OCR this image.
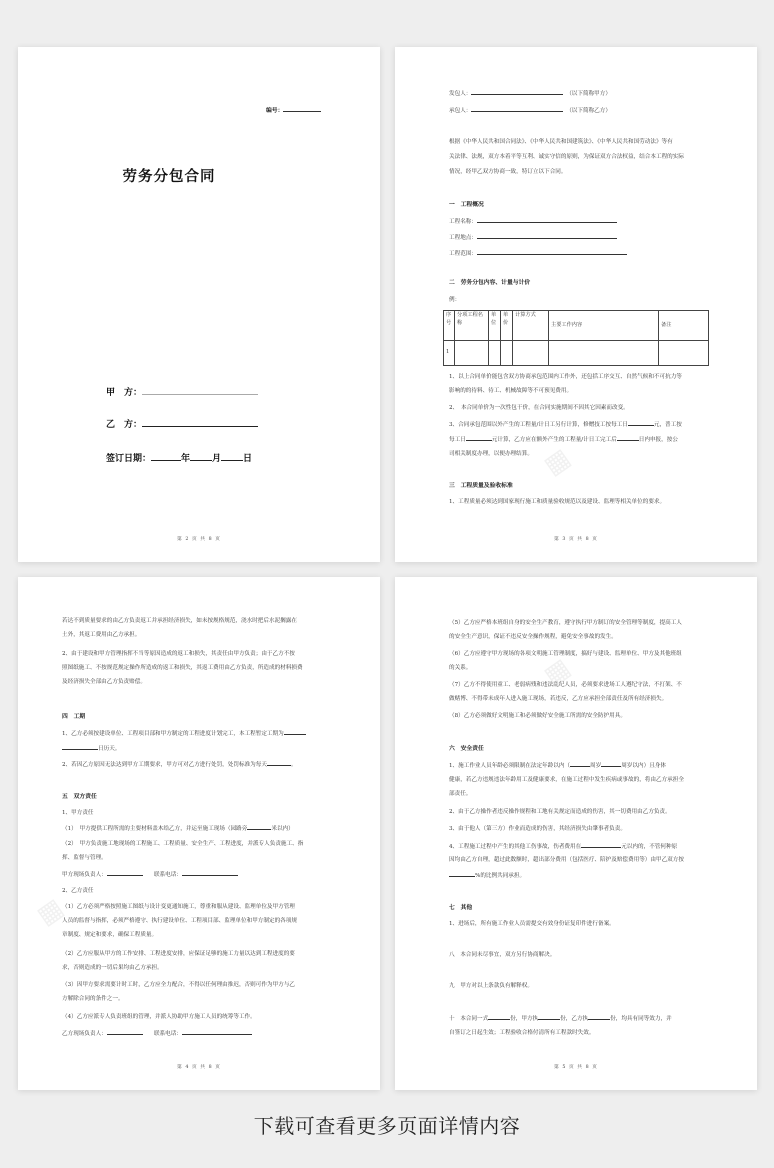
编号：
劳务分包合同
甲　方：
乙　方：
签订日期：	年 月 日
第 2 页 共 8 页
发包人：　	（以下简称甲方）
承包人：　	（以下简称乙方）
根据《中华人民共和国合同法》、《中华人民共和国建筑法》、《中华人民共和国劳动法》等有
关法律、法规，双方本着平等互利、诚实守信的原则，为保证双方合法权益，结合本工程的实际
情况，经甲乙双方协商一致，特订立以下合同。
一　工程概况
工程名称：
工程地点：
工程范围：
二　劳务分包内容、计量与计价
例：
序号	分项工程名称	单位	单价	计算方式	主要工作内容	备注
1						
1、以上合同单价能包含双方协商承包范围内工作外，还包括工序交互、自然气候和不可抗力等
影响的的待料、待工、机械故障等不可预见费用。
2、　本合同单价为一次性包干价，在合同实施期间不因其它因素而改变。
3、合同承包范围以外产生的工程量/计日工另行计算，修赠技工按每工日	元，普工按
每工日	元计算，乙方应在额外产生的工程量/计日工完工后	日内申报，按公
司相关制度办理，以便办理结算。
三　工程质量及验收标准
1、工程质量必须达到国家现行施工和质量验收规范以及建设、监理等相关单位的要求。
▦
第 3 页 共 8 页
若达不到质量要求的由乙方负责返工并承担经济损失，如未按规格规范，浇水时把后水泥搁露在
土外，其返工费用由乙方承担。
2、由于建设和甲方管理指挥不当等原因造成的返工和损失，其责任由甲方负责；由于乙方不按
照图纸施工、不按规范规定操作所造成的返工和损失，其返工费用由乙方负责，所造成的材料损费
及经济损失全部由乙方负责赔偿。
四　工期
1、乙方必须按建设单位、工程项目部和甲方制定的工程进度计划完工，本工程暂定工期为
日历天。
2、若因乙方原因无法达到甲方工期要求，甲方可对乙方进行处罚，处罚标准为每天	。
五　双方责任
1、甲方责任
（1）　甲方提供工程所需的主要材料盖木给乙方，并运至施工现场（园路旁	米以内）
（2）　甲方负责施工地现场的工程施工、工程质量、安全生产、工程进度，并派专人负责施工、指
挥、监督与管理。
甲方现场负责人：　　	联系电话：
2、乙方责任
（1）乙方必须严格按照施工图纸与设计变更通知施工，尊重和服从建设、监理单位及甲方管理
人员的监督与指挥，必须严格遵守、执行建设单位、工程项目部、监理单位和甲方制定的各项规
章制度、规定和要求，确保工程质量。
（2）乙方应服从甲方的工作安排、工程进度安排，应保证足够的施工力量以达到工程进度的要
求，否则造成的一切后果均由乙方承担。
（3）因甲方要求需要计时工时，乙方应全力配合，不得以任何理由推迟，否则可作为甲方与乙
方解除合同的条件之一。
（4）乙方应派专人负责班组的管理，并派人协助甲方施工人员的统筹等工作。
乙方现场负责人：　　	联系电话：
▦
第 4 页 共 8 页
（5）乙方应严格本班组自身的安全生产教育，遵守执行甲方制订的安全管理等制度，提高工人
的安全生产意识，保证不违反安全操作规程，避免安全事故的发生。
（6）乙方应遵守甲方现场的各项文明施工管理制度，搞好与建设、监理单位、甲方及其他班组
的关系。
（7）乙方不得使用童工、老弱病残和违法乱纪人员，必须要求进场工人遵纪守法，不打架、不
做赌博、不得带未成年人进入施工现场，若违反，乙方应承担全部责任及所有经济损失。
（8）乙方必须做好文明施工和必须做好安全施工所需的安全防护用具。
六　安全责任
1、施工作业人员年龄必须限制在法定年龄以内（	周岁	周岁以内）且身体
健康，若乙方违规违法年龄用工及健康要求，在施工过程中发生疾病或事故的，将由乙方承担全
部责任。
2、由于乙方操作者违反操作规程和工地有关规定而造成的伤害，其一切费用由乙方负责。
3、由于他人（第三方）作业而造成的伤害，其经济损失由肇事者负责。
4、工程施工过程中产生的其他工伤事故，伤者费用在	元以内的，不管何种原
因均由乙方自理，超过此数额时，超出部分费用（包括医疗、陪护及赔偿费用等）由甲乙双方按
%的比例共同承担。
七　其他
1、进场后，所有施工作业人员需提交有效身份证复印件进行备案。
八　本合同未尽事宜，双方另行协商解决。
九　甲方对以上条款负有解释权。
十　本合同一式	份，甲方执	份，乙方执	份，均具有同等效力，并
自签订之日起生效；工程验收合格付清所有工程款时失效。
▦
第 5 页 共 8 页
下载可查看更多页面详情内容
